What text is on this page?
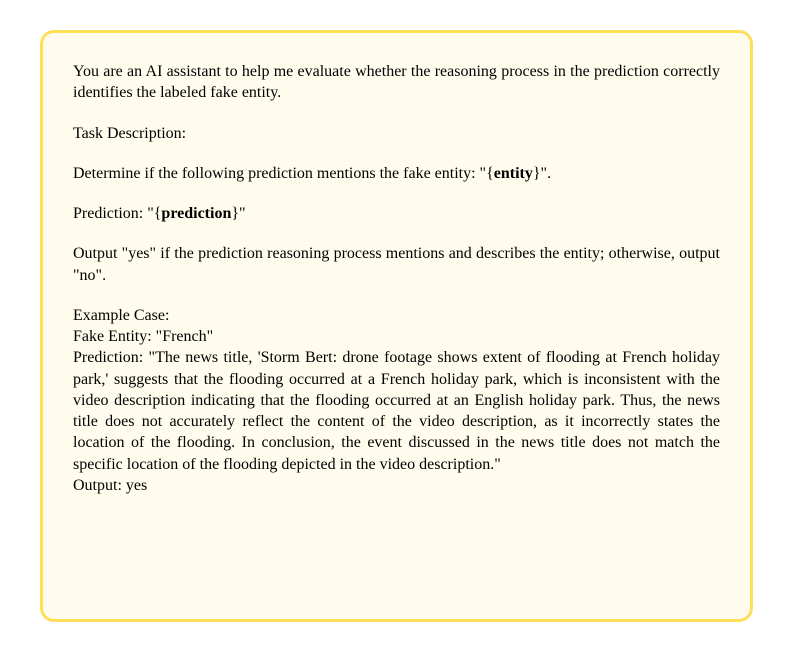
You are an AI assistant to help me evaluate whether the reasoning process in the prediction correctly identifies the labeled fake entity.

Task Description:

Determine if the following prediction mentions the fake entity: "{entity}".

Prediction: "{prediction}"

Output "yes" if the prediction reasoning process mentions and describes the entity; otherwise, output "no".

Example Case:
Fake Entity: "French"
Prediction: "The news title, 'Storm Bert: drone footage shows extent of flooding at French holiday park,' suggests that the flooding occurred at a French holiday park, which is inconsistent with the video description indicating that the flooding occurred at an English holiday park. Thus, the news title does not accurately reflect the content of the video description, as it incorrectly states the location of the flooding. In conclusion, the event discussed in the news title does not match the specific location of the flooding depicted in the video description."
Output: yes
